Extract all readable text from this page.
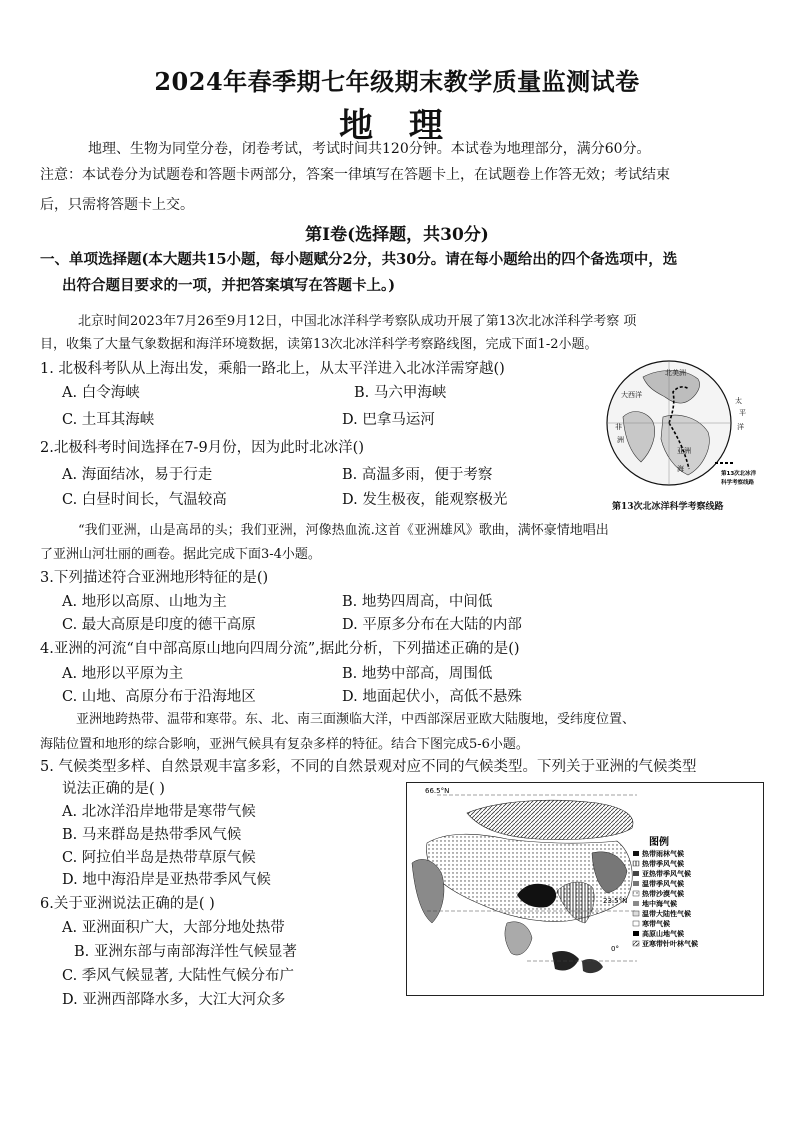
2024年春季期七年级期末教学质量监测试卷
地 理
地理、生物为同堂分卷，闭卷考试，考试时间共120分钟。本试卷为地理部分，满分60分。
注意：本试卷分为试题卷和答题卡两部分，答案一律填写在答题卡上，在试题卷上作答无效；考试结束
后，只需将答题卡上交。
第Ⅰ卷(选择题，共30分)
一、单项选择题(本大题共15小题，每小题赋分2分，共30分。请在每小题给出的四个备选项中，选
出符合题目要求的一项，并把答案填写在答题卡上。)
北京时间2023年7月26至9月12日，中国北冰洋科学考察队成功开展了第13次北冰洋科学考察 项
目，收集了大量气象数据和海洋环境数据，读第13次北冰洋科学考察路线图，完成下面1-2小题。
1. 北极科考队从上海出发，乘船一路北上，从太平洋进入北冰洋需穿越()
A. 白令海峡	B. 马六甲海峡
C. 土耳其海峡	D. 巴拿马运河
2.北极科考时间选择在7-9月份，因为此时北冰洋()
A. 海面结冰，易于行走	B. 高温多雨，便于考察
C. 白昼时间长，气温较高	D. 发生极夜，能观察极光
大西洋
北美洲
太
平
洋
非
洲
亚洲
海
第13次北冰洋
科学考察线路
第13次北冰洋科学考察线路
“我们亚洲，山是高昂的头；我们亚洲，河像热血流.这首《亚洲雄风》歌曲，满怀豪情地唱出
了亚洲山河壮丽的画卷。据此完成下面3-4小题。
3.下列描述符合亚洲地形特征的是()
A. 地形以高原、山地为主	B. 地势四周高，中间低
C. 最大高原是印度的德干高原	D. 平原多分布在大陆的内部
4.亚洲的河流“自中部高原山地向四周分流”,据此分析，下列描述正确的是()
A. 地形以平原为主	B. 地势中部高，周围低
C. 山地、高原分布于沿海地区	D. 地面起伏小，高低不悬殊
亚洲地跨热带、温带和寒带。东、北、南三面濒临大洋，中西部深居亚欧大陆腹地，受纬度位置、
海陆位置和地形的综合影响，亚洲气候具有复杂多样的特征。结合下图完成5-6小题。
5. 气候类型多样、自然景观丰富多彩，不同的自然景观对应不同的气候类型。下列关于亚洲的气候类型
说法正确的是( )
A. 北冰洋沿岸地带是寒带气候
B. 马来群岛是热带季风气候
C. 阿拉伯半岛是热带草原气候
D. 地中海沿岸是亚热带季风气候
6.关于亚洲说法正确的是( )
A. 亚洲面积广大，大部分地处热带
B. 亚洲东部与南部海洋性气候显著
C. 季风气候显著, 大陆性气候分布广
D. 亚洲西部降水多，大江大河众多
66.5°N
23.5°N
0°
图例
热带雨林气候
热带季风气候
亚热带季风气候
温带季风气候
热带沙漠气候
地中海气候
温带大陆性气候
寒带气候
高原山地气候
亚寒带针叶林气候
